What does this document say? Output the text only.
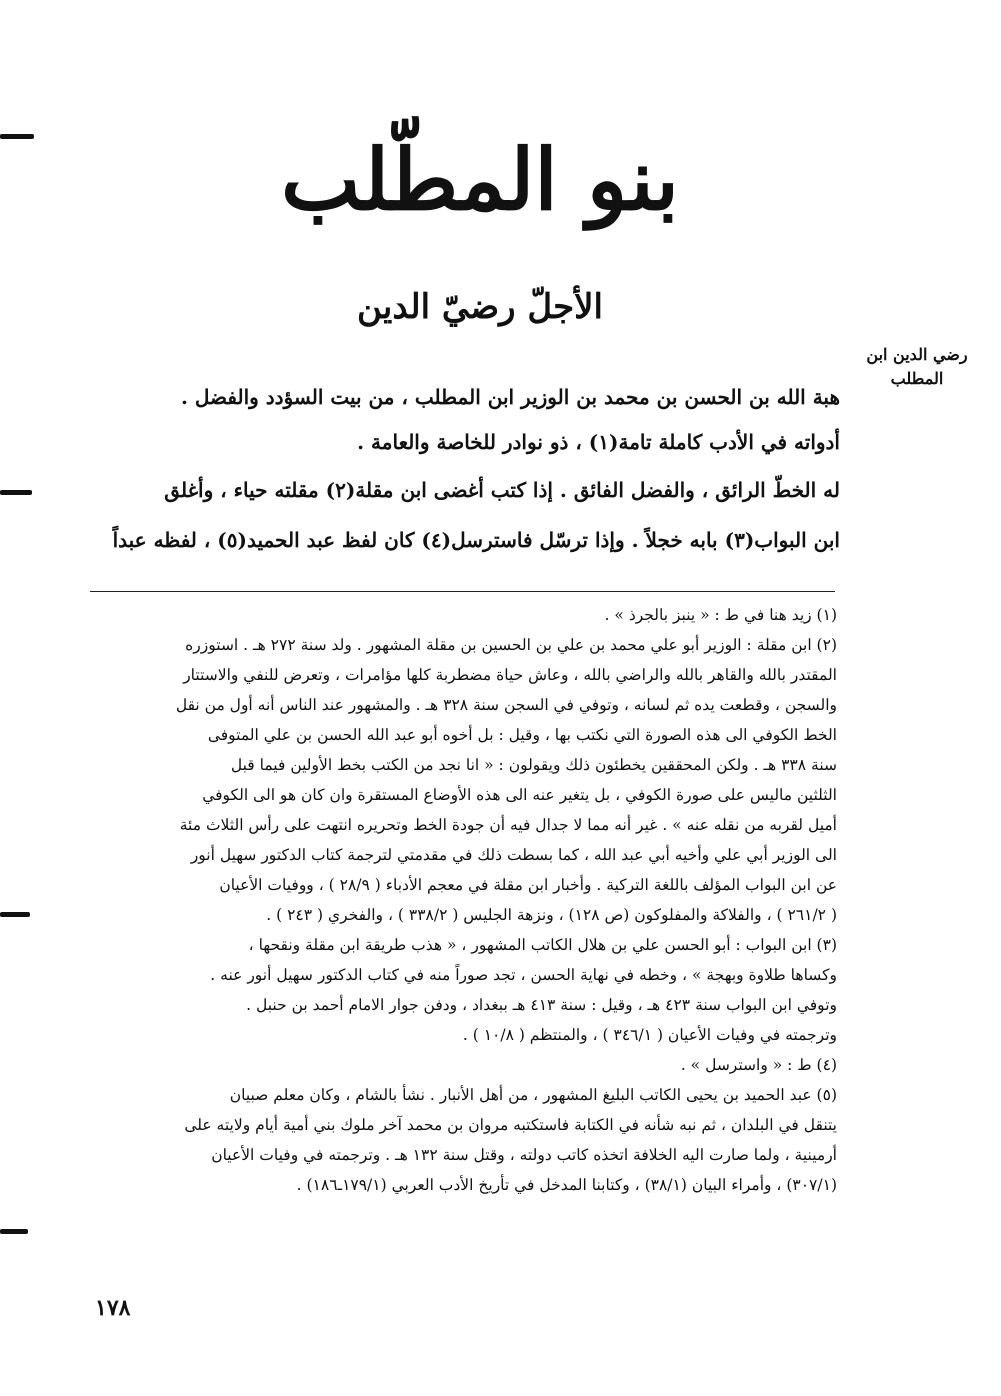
بنو المطّلب
الأجلّ رضيّ الدين
رضي الدين ابن المطلب

هبة الله بن الحسن بن محمد بن الوزير ابن المطلب ، من بيت السؤدد والفضل .

أدواته في الأدب كاملة تامة(١) ، ذو نوادر للخاصة والعامة .

له الخطّ الرائق ، والفضل الفائق . إذا كتب أغضى ابن مقلة(٢) مقلته حياء ، وأغلق

ابن البواب(٣) بابه خجلاً . وإذا ترسّل فاسترسل(٤) كان لفظ عبد الحميد(٥) ، لفظه عبداً

(١) زيد هنا في ط : « ينبز بالجرذ » .

(٢) ابن مقلة : الوزير أبو علي محمد بن علي بن الحسين بن مقلة المشهور . ولد سنة ٢٧٢ هـ . استوزره

المقتدر بالله والقاهر بالله والراضي بالله ، وعاش حياة مضطربة كلها مؤامرات ، وتعرض للنفي والاستتار

والسجن ، وقطعت يده ثم لسانه ، وتوفي في السجن سنة ٣٢٨ هـ . والمشهور عند الناس أنه أول من نقل

الخط الكوفي الى هذه الصورة التي نكتب بها ، وقيل : بل أخوه أبو عبد الله الحسن بن علي المتوفى

سنة ٣٣٨ هـ . ولكن المحققين يخطئون ذلك ويقولون : « انا نجد من الكتب بخط الأولين فيما قبل

الثلثين ماليس على صورة الكوفي ، بل يتغير عنه الى هذه الأوضاع المستقرة وان كان هو الى الكوفي

أميل لقربه من نقله عنه » . غير أنه مما لا جدال فيه أن جودة الخط وتحريره انتهت على رأس الثلاث مئة

الى الوزير أبي علي وأخيه أبي عبد الله ، كما بسطت ذلك في مقدمتي لترجمة كتاب الدكتور سهيل أنور

عن ابن البواب المؤلف باللغة التركية . وأخبار ابن مقلة في معجم الأدباء ( ٢٨/٩ ) ، ووفيات الأعيان

( ٢٦١/٢ ) ، والفلاكة والمفلوكون (ص ١٢٨) ، ونزهة الجليس ( ٣٣٨/٢ ) ، والفخري ( ٢٤٣ ) .

(٣) ابن البواب : أبو الحسن علي بن هلال الكاتب المشهور ، « هذب طريقة ابن مقلة ونقحها ،

وكساها طلاوة وبهجة » ، وخطه في نهاية الحسن ، تجد صوراً منه في كتاب الدكتور سهيل أنور عنه .

وتوفي ابن البواب سنة ٤٢٣ هـ ، وقيل : سنة ٤١٣ هـ ببغداد ، ودفن جوار الامام أحمد بن حنبل .

وترجمته في وفيات الأعيان ( ٣٤٦/١ ) ، والمنتظم ( ١٠/٨ ) .

(٤) ط : « واسترسل » .

(٥) عبد الحميد بن يحيى الكاتب البليغ المشهور ، من أهل الأنبار . نشأ بالشام ، وكان معلم صبيان

يتنقل في البلدان ، ثم نبه شأنه في الكتابة فاستكتبه مروان بن محمد آخر ملوك بني أمية أيام ولايته على

أرمينية ، ولما صارت اليه الخلافة اتخذه كاتب دولته ، وقتل سنة ١٣٢ هـ . وترجمته في وفيات الأعيان

(٣٠٧/١) ، وأمراء البيان (٣٨/١) ، وكتابنا المدخل في تأريخ الأدب العربي (١٧٩/١ـ١٨٦) .

١٧٨
